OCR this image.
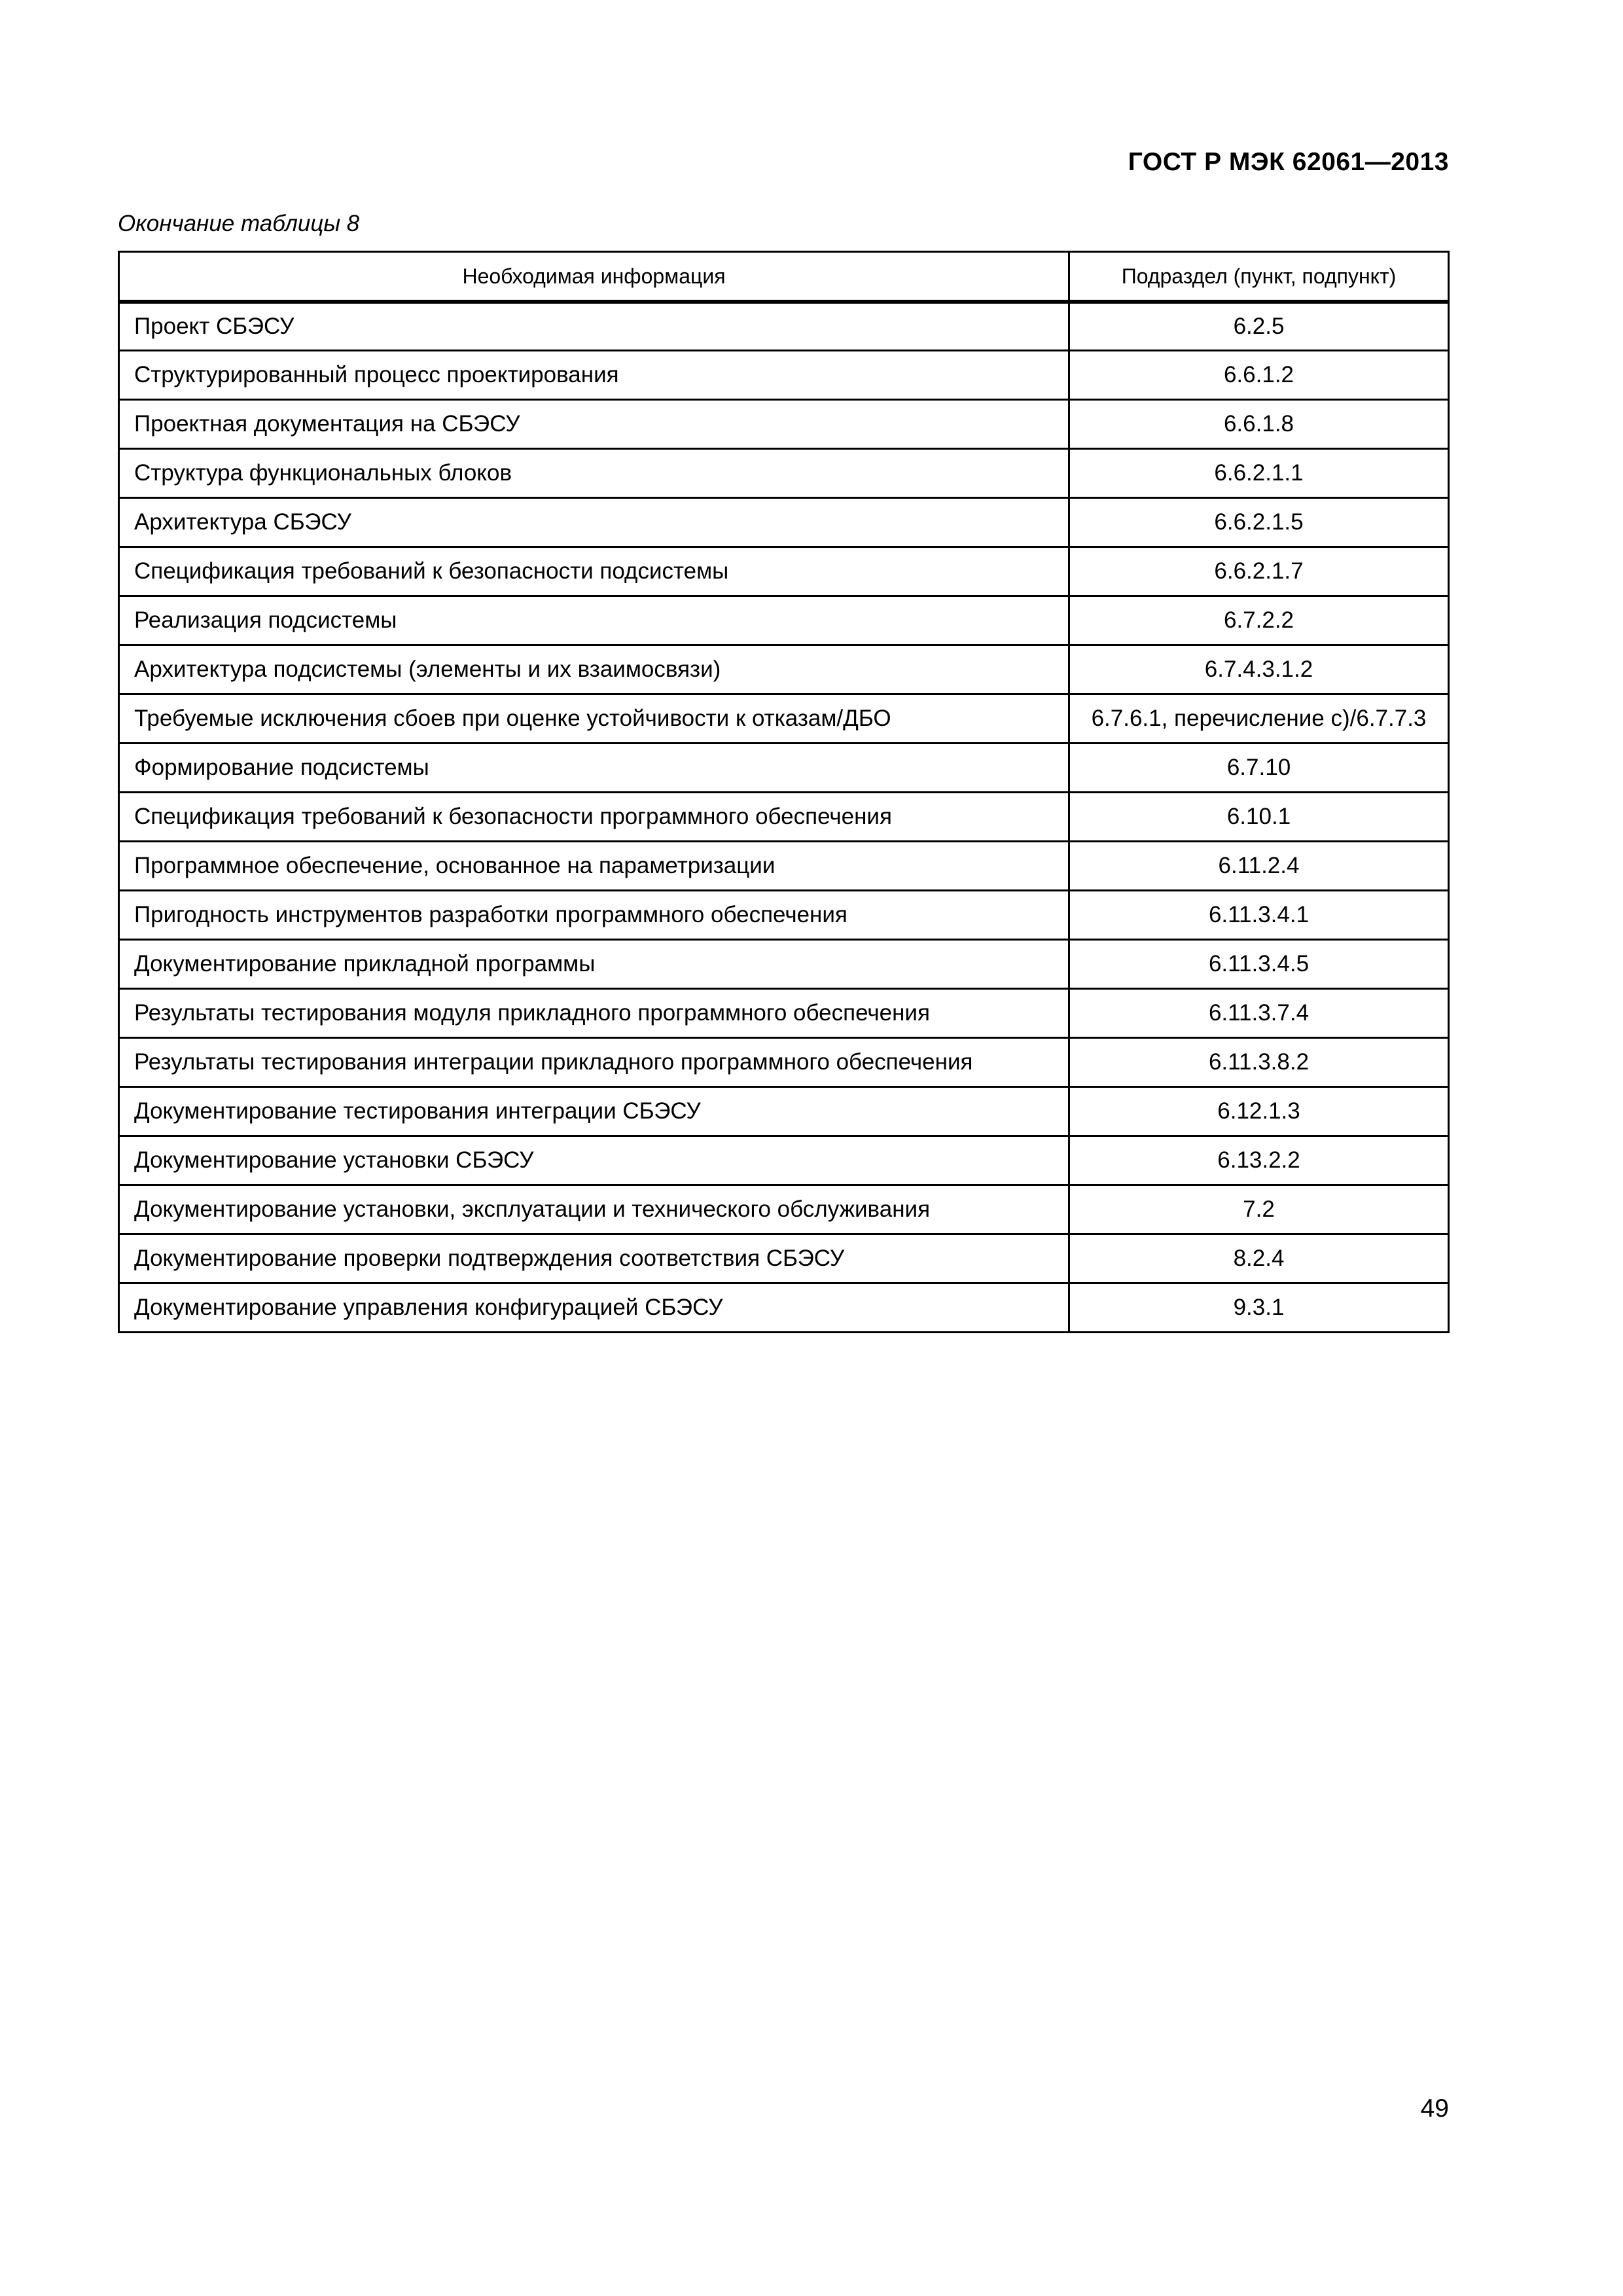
ГОСТ Р МЭК 62061—2013

Окончание таблицы 8

Необходимая информация	Подраздел (пункт, подпункт)
Проект СБЭСУ	6.2.5
Структурированный процесс проектирования	6.6.1.2
Проектная документация на СБЭСУ	6.6.1.8
Структура функциональных блоков	6.6.2.1.1
Архитектура СБЭСУ	6.6.2.1.5
Спецификация требований к безопасности подсистемы	6.6.2.1.7
Реализация подсистемы	6.7.2.2
Архитектура подсистемы (элементы и их взаимосвязи)	6.7.4.3.1.2
Требуемые исключения сбоев при оценке устойчивости к отказам/ДБО	6.7.6.1, перечисление с)/6.7.7.3
Формирование подсистемы	6.7.10
Спецификация требований к безопасности программного обеспечения	6.10.1
Программное обеспечение, основанное на параметризации	6.11.2.4
Пригодность инструментов разработки программного обеспечения	6.11.3.4.1
Документирование прикладной программы	6.11.3.4.5
Результаты тестирования модуля прикладного программного обеспечения	6.11.3.7.4
Результаты тестирования интеграции прикладного программного обеспечения	6.11.3.8.2
Документирование тестирования интеграции СБЭСУ	6.12.1.3
Документирование установки СБЭСУ	6.13.2.2
Документирование установки, эксплуатации и технического обслуживания	7.2
Документирование проверки подтверждения соответствия СБЭСУ	8.2.4
Документирование управления конфигурацией СБЭСУ	9.3.1

49
